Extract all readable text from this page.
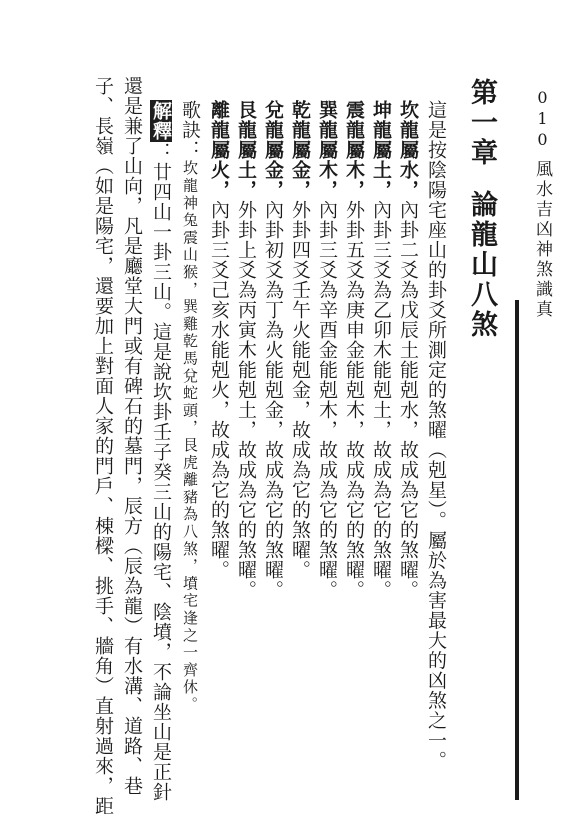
010
風水吉凶神煞識真
第一章論龍山八煞
這是按陰陽宅座山的卦爻所測定的煞曜（剋星）。屬於為害最大的凶煞之一。
坎龍屬水，內卦二爻為戊辰土能剋水，故成為它的煞曜。
坤龍屬土，內卦三爻為乙卯木能剋土，故成為它的煞曜。
震龍屬木，外卦五爻為庚申金能剋木，故成為它的煞曜。
巽龍屬木，內卦三爻為辛酉金能剋木，故成為它的煞曜。
乾龍屬金，外卦四爻壬午火能剋金，故成為它的煞曜。
兌龍屬金，內卦初爻為丁為火能剋金，故成為它的煞曜。
艮龍屬土，外卦上爻為丙寅木能剋土，故成為它的煞曜。
離龍屬火，內卦三爻己亥水能剋火，故成為它的煞曜。
歌訣：坎龍神兔震山猴，巽雞乾馬兌蛇頭，艮虎離豬為八煞，墳宅逢之一齊休。
解釋：廿四山一卦三山。這是說坎卦壬子癸三山的陽宅、陰墳，不論坐山是正針
還是兼了山向，凡是廳堂大門或有碑石的墓門，辰方（辰為龍）有水溝、道路、巷
子、長嶺（如是陽宅，還要加上對面人家的門戶、棟樑、挑手、牆角）直射過來，距
